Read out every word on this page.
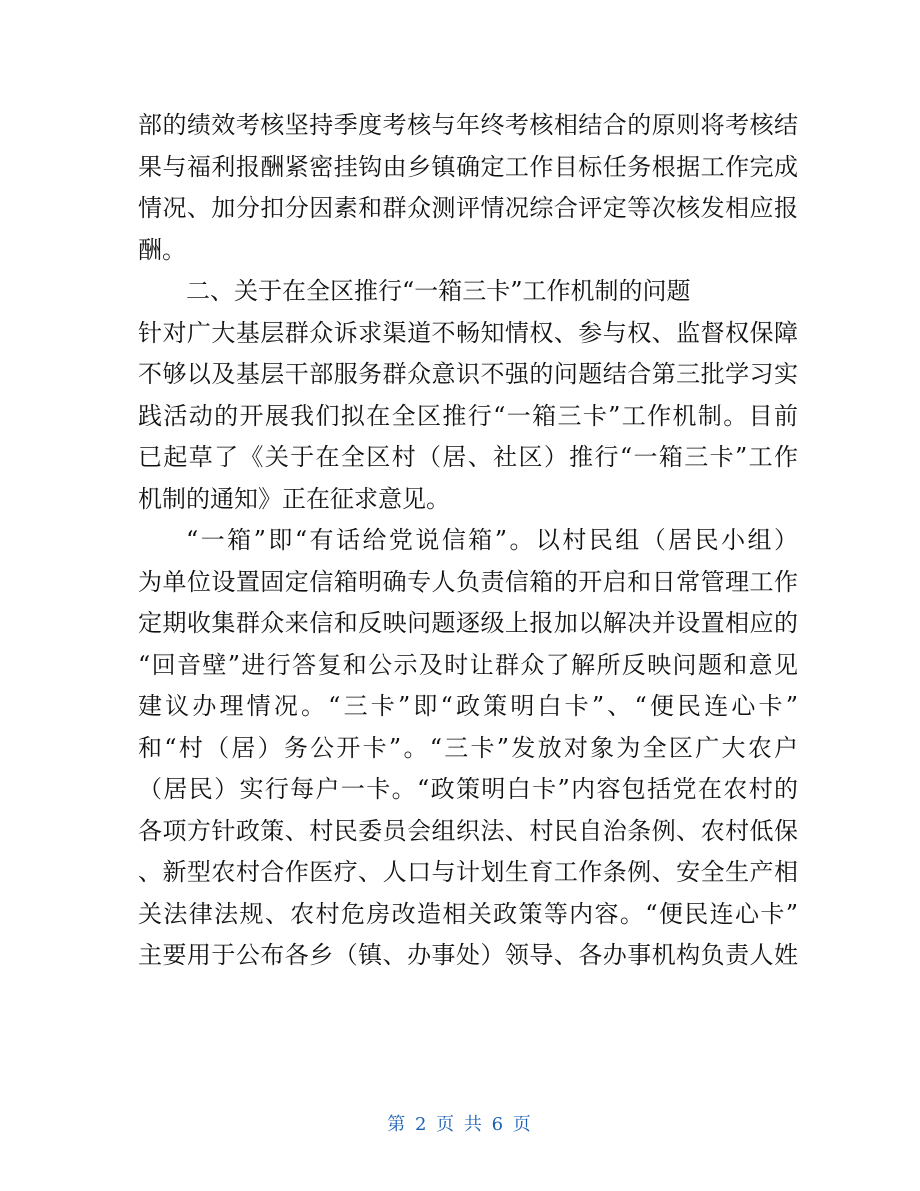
部的绩效考核坚持季度考核与年终考核相结合的原则将考核结
果与福利报酬紧密挂钩由乡镇确定工作目标任务根据工作完成
情况、加分扣分因素和群众测评情况综合评定等次核发相应报
酬。
二、关于在全区推行“一箱三卡”工作机制的问题
针对广大基层群众诉求渠道不畅知情权、参与权、监督权保障
不够以及基层干部服务群众意识不强的问题结合第三批学习实
践活动的开展我们拟在全区推行“一箱三卡”工作机制。目前
已起草了《关于在全区村（居、社区）推行“一箱三卡”工作
机制的通知》正在征求意见。
“一箱”即“有话给党说信箱”。以村民组（居民小组）
为单位设置固定信箱明确专人负责信箱的开启和日常管理工作
定期收集群众来信和反映问题逐级上报加以解决并设置相应的
“回音壁”进行答复和公示及时让群众了解所反映问题和意见
建议办理情况。“三卡”即“政策明白卡”、“便民连心卡”
和“村（居）务公开卡”。“三卡”发放对象为全区广大农户
（居民）实行每户一卡。“政策明白卡”内容包括党在农村的
各项方针政策、村民委员会组织法、村民自治条例、农村低保
、新型农村合作医疗、人口与计划生育工作条例、安全生产相
关法律法规、农村危房改造相关政策等内容。“便民连心卡”
主要用于公布各乡（镇、办事处）领导、各办事机构负责人姓
第 2 页 共 6 页
